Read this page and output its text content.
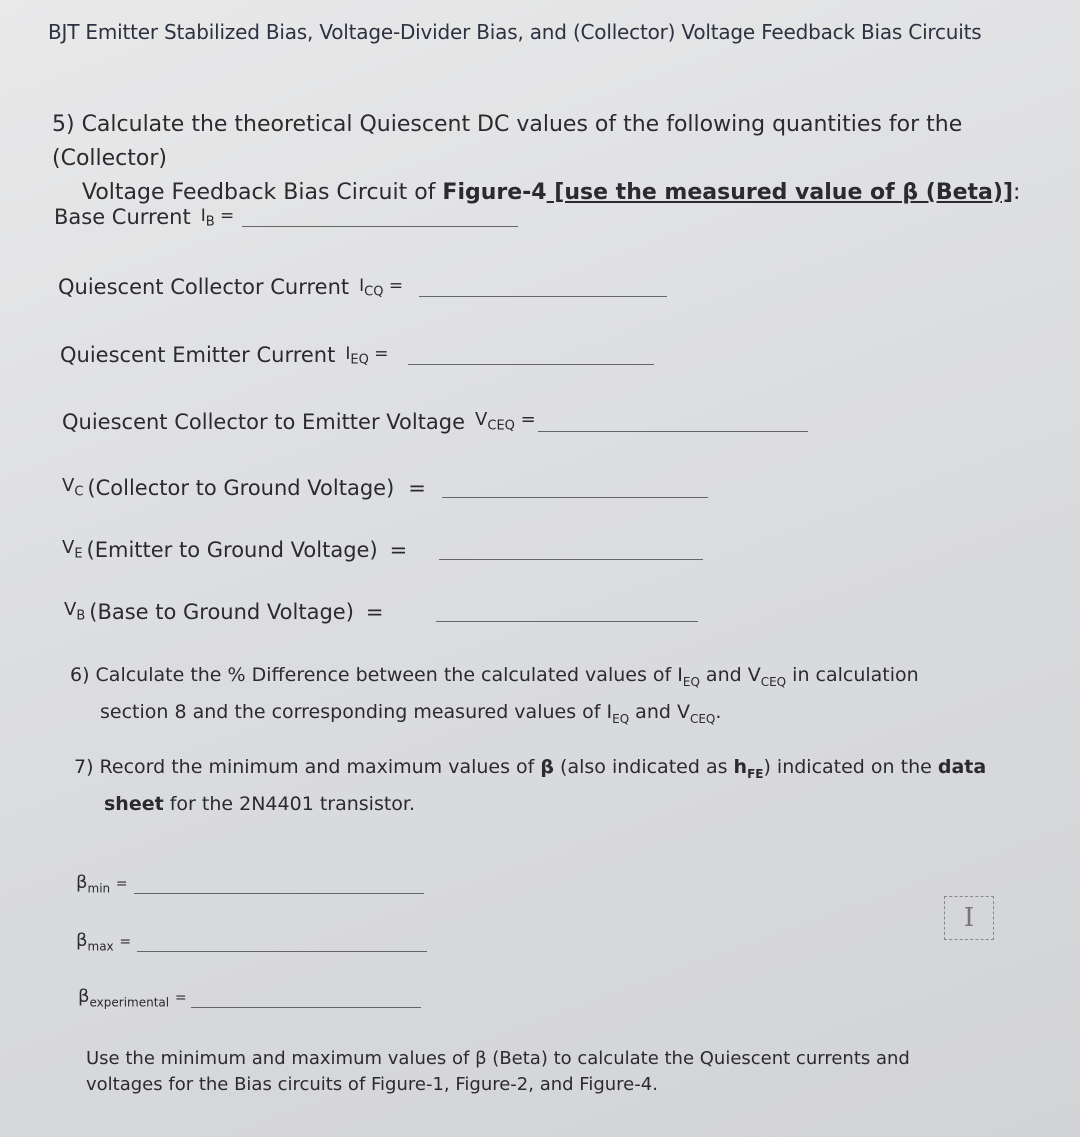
BJT Emitter Stabilized Bias, Voltage-Divider Bias, and (Collector) Voltage Feedback Bias Circuits
5) Calculate the theoretical Quiescent DC values of the following quantities for the (Collector)
Voltage Feedback Bias Circuit of Figure-4 [use the measured value of β (Beta)]:
Base Current $I_B$ =
Quiescent Collector Current $I_{CQ}$ =
Quiescent Emitter Current $I_{EQ}$ =
Quiescent Collector to Emitter Voltage $V_{CEQ}$ =
$V_C$ (Collector to Ground Voltage) =
$V_E$ (Emitter to Ground Voltage) =
$V_B$ (Base to Ground Voltage) =
6) Calculate the % Difference between the calculated values of $I_{EQ}$ and $V_{CEQ}$ in calculation
section 8 and the corresponding measured values of $I_{EQ}$ and $V_{CEQ}$.
7) Record the minimum and maximum values of β (also indicated as $h_{FE}$) indicated on the data
sheet for the 2N4401 transistor.
$\beta_{min}$ =
$\beta_{max}$ =
$\beta_{experimental}$ =
I
Use the minimum and maximum values of β (Beta) to calculate the Quiescent currents and
voltages for the Bias circuits of Figure-1, Figure-2, and Figure-4.
